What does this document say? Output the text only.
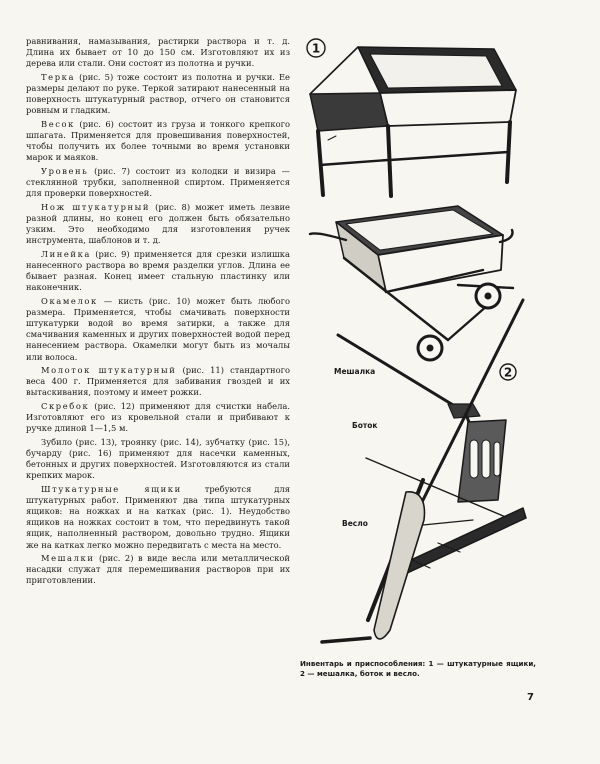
равнивания, намазывания, растирки раствора и т. д. Длина их бывает от 10 до 150 см. Изготовляют их из дерева или стали. Они состоят из полотна и ручки.

Терка (рис. 5) тоже состоит из полотна и ручки. Ее размеры делают по руке. Теркой затирают нанесенный на поверхность штукатурный раствор, отчего он становится ровным и гладким.

Весок (рис. 6) состоит из груза и тонкого крепкого шпагата. Применяется для провешивания поверхностей, чтобы получить их более точными во время установки марок и маяков.

Уровень (рис. 7) состоит из колодки и визира — стеклянной трубки, заполненной спиртом. Применяется для проверки поверхностей.

Нож штукатурный (рис. 8) может иметь лезвие разной длины, но конец его должен быть обязательно узким. Это необходимо для изготовления ручек инструмента, шаблонов и т. д.

Линейка (рис. 9) применяется для срезки излишка нанесенного раствора во время разделки углов. Длина ее бывает разная. Конец имеет стальную пластинку или наконечник.

Окамелок — кисть (рис. 10) может быть любого размера. Применяется, чтобы смачивать поверхности штукатурки водой во время затирки, а также для смачивания каменных и других поверхностей водой перед нанесением раствора. Окамелки могут быть из мочалы или волоса.

Молоток штукатурный (рис. 11) стандартного веса 400 г. Применяется для забивания гвоздей и их вытаскивания, поэтому и имеет рожки.

Скребок (рис. 12) применяют для счистки набела. Изготовляют его из кровельной стали и прибивают к ручке длиной 1—1,5 м.

Зубило (рис. 13), троянку (рис. 14), зубчатку (рис. 15), бучарду (рис. 16) применяют для насечки каменных, бетонных и других поверхностей. Изготовляются из стали крепких марок.

Штукатурные ящики требуются для штукатурных работ. Применяют два типа штукатурных ящиков: на ножках и на катках (рис. 1). Неудобство ящиков на ножках состоит в том, что передвинуть такой ящик, наполненный раствором, довольно трудно. Ящики же на катках легко можно передвигать с места на место.

Мешалки (рис. 2) в виде весла или металлической насадки служат для перемешивания растворов при их приготовлении.

1
2
Мешалка
Боток
Весло
Инвентарь и приспособления: 1 — штукатурные ящики, 2 — мешалка, боток и весло.
7
